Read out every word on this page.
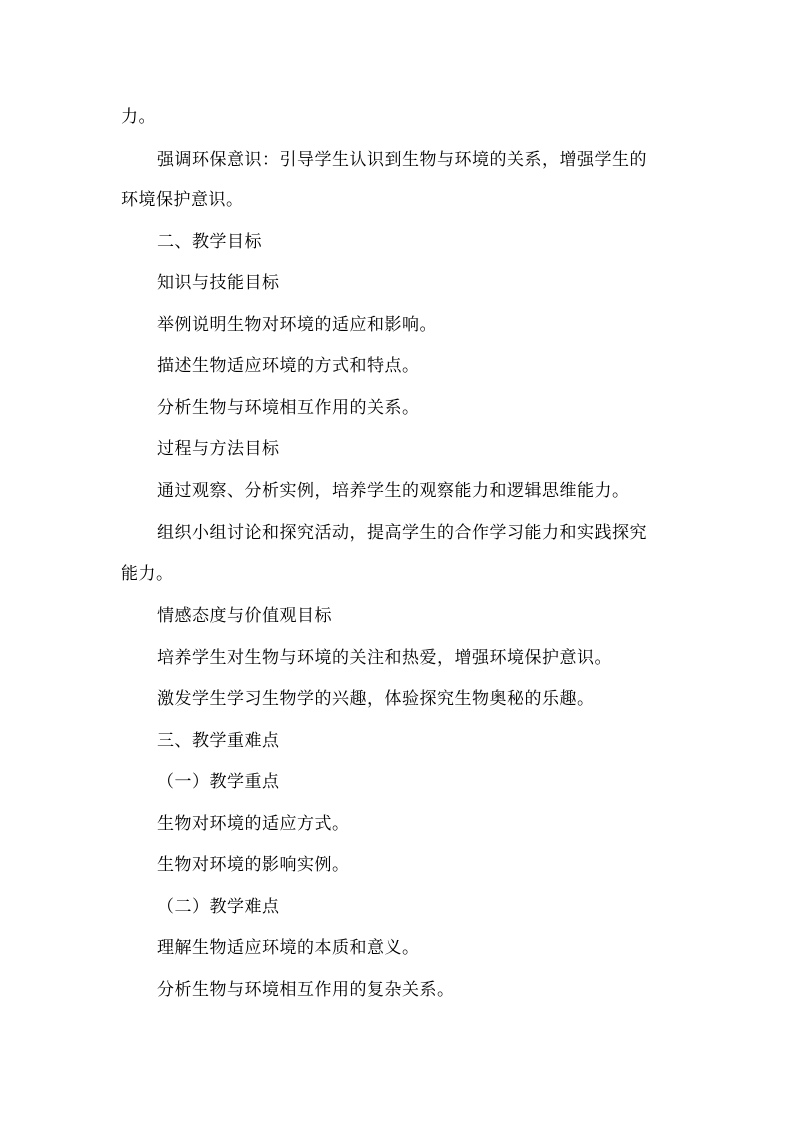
力。
强调环保意识：引导学生认识到生物与环境的关系，增强学生的
环境保护意识。
二、教学目标
知识与技能目标
举例说明生物对环境的适应和影响。
描述生物适应环境的方式和特点。
分析生物与环境相互作用的关系。
过程与方法目标
通过观察、分析实例，培养学生的观察能力和逻辑思维能力。
组织小组讨论和探究活动，提高学生的合作学习能力和实践探究
能力。
情感态度与价值观目标
培养学生对生物与环境的关注和热爱，增强环境保护意识。
激发学生学习生物学的兴趣，体验探究生物奥秘的乐趣。
三、教学重难点
（一）教学重点
生物对环境的适应方式。
生物对环境的影响实例。
（二）教学难点
理解生物适应环境的本质和意义。
分析生物与环境相互作用的复杂关系。
